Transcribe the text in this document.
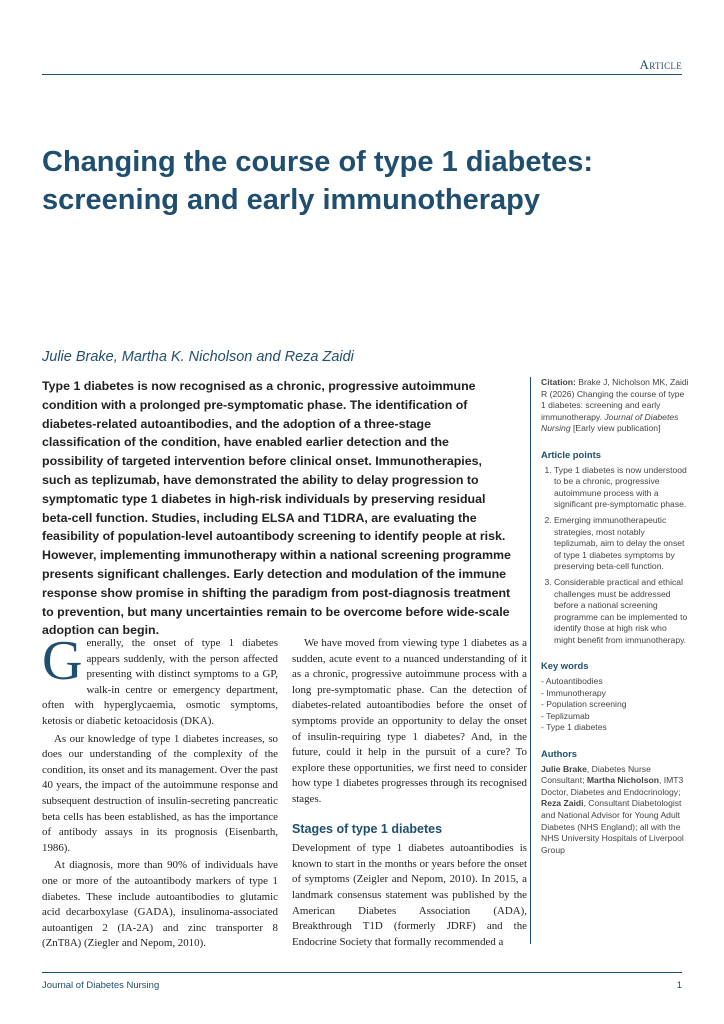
Article
Changing the course of type 1 diabetes: screening and early immunotherapy
Julie Brake, Martha K. Nicholson and Reza Zaidi

Type 1 diabetes is now recognised as a chronic, progressive autoimmune condition with a prolonged pre-symptomatic phase. The identification of diabetes-related autoantibodies, and the adoption of a three-stage classification of the condition, have enabled earlier detection and the possibility of targeted intervention before clinical onset. Immunotherapies, such as teplizumab, have demonstrated the ability to delay progression to symptomatic type 1 diabetes in high-risk individuals by preserving residual beta-cell function. Studies, including ELSA and T1DRA, are evaluating the feasibility of population-level autoantibody screening to identify people at risk. However, implementing immunotherapy within a national screening programme presents significant challenges. Early detection and modulation of the immune response show promise in shifting the paradigm from post-diagnosis treatment to prevention, but many uncertainties remain to be overcome before wide-scale adoption can begin.

Generally, the onset of type 1 diabetes appears suddenly, with the person affected presenting with distinct symptoms to a GP, walk-in centre or emergency department, often with hyperglycaemia, osmotic symptoms, ketosis or diabetic ketoacidosis (DKA).

As our knowledge of type 1 diabetes increases, so does our understanding of the complexity of the condition, its onset and its management. Over the past 40 years, the impact of the autoimmune response and subsequent destruction of insulin-secreting pancreatic beta cells has been established, as has the importance of antibody assays in its prognosis (Eisenbarth, 1986).

At diagnosis, more than 90% of individuals have one or more of the autoantibody markers of type 1 diabetes. These include autoantibodies to glutamic acid decarboxylase (GADA), insulinoma-associated autoantigen 2 (IA-2A) and zinc transporter 8 (ZnT8A) (Ziegler and Nepom, 2010).

We have moved from viewing type 1 diabetes as a sudden, acute event to a nuanced understanding of it as a chronic, progressive autoimmune process with a long pre-symptomatic phase. Can the detection of diabetes-related autoantibodies before the onset of symptoms provide an opportunity to delay the onset of insulin-requiring type 1 diabetes? And, in the future, could it help in the pursuit of a cure? To explore these opportunities, we first need to consider how type 1 diabetes progresses through its recognised stages.

Stages of type 1 diabetes

Development of type 1 diabetes autoantibodies is known to start in the months or years before the onset of symptoms (Zeigler and Nepom, 2010). In 2015, a landmark consensus statement was published by the American Diabetes Association (ADA), Breakthrough T1D (formerly JDRF) and the Endocrine Society that formally recommended a

Citation: Brake J, Nicholson MK, Zaidi R (2026) Changing the course of type 1 diabetes: screening and early immunotherapy. Journal of Diabetes Nursing [Early view publication]

Article points
1. Type 1 diabetes is now understood to be a chronic, progressive autoimmune process with a significant pre-symptomatic phase.
2. Emerging immunotherapeutic strategies, most notably teplizumab, aim to delay the onset of type 1 diabetes symptoms by preserving beta-cell function.
3. Considerable practical and ethical challenges must be addressed before a national screening programme can be implemented to identify those at high risk who might benefit from immunotherapy.
Key words
- Autoantibodies
- Immunotherapy
- Population screening
- Teplizumab
- Type 1 diabetes
Authors

Julie Brake, Diabetes Nurse Consultant; Martha Nicholson, IMT3 Doctor, Diabetes and Endocrinology; Reza Zaidi, Consultant Diabetologist and National Advisor for Young Adult Diabetes (NHS England); all with the NHS University Hospitals of Liverpool Group

Journal of Diabetes Nursing	1
